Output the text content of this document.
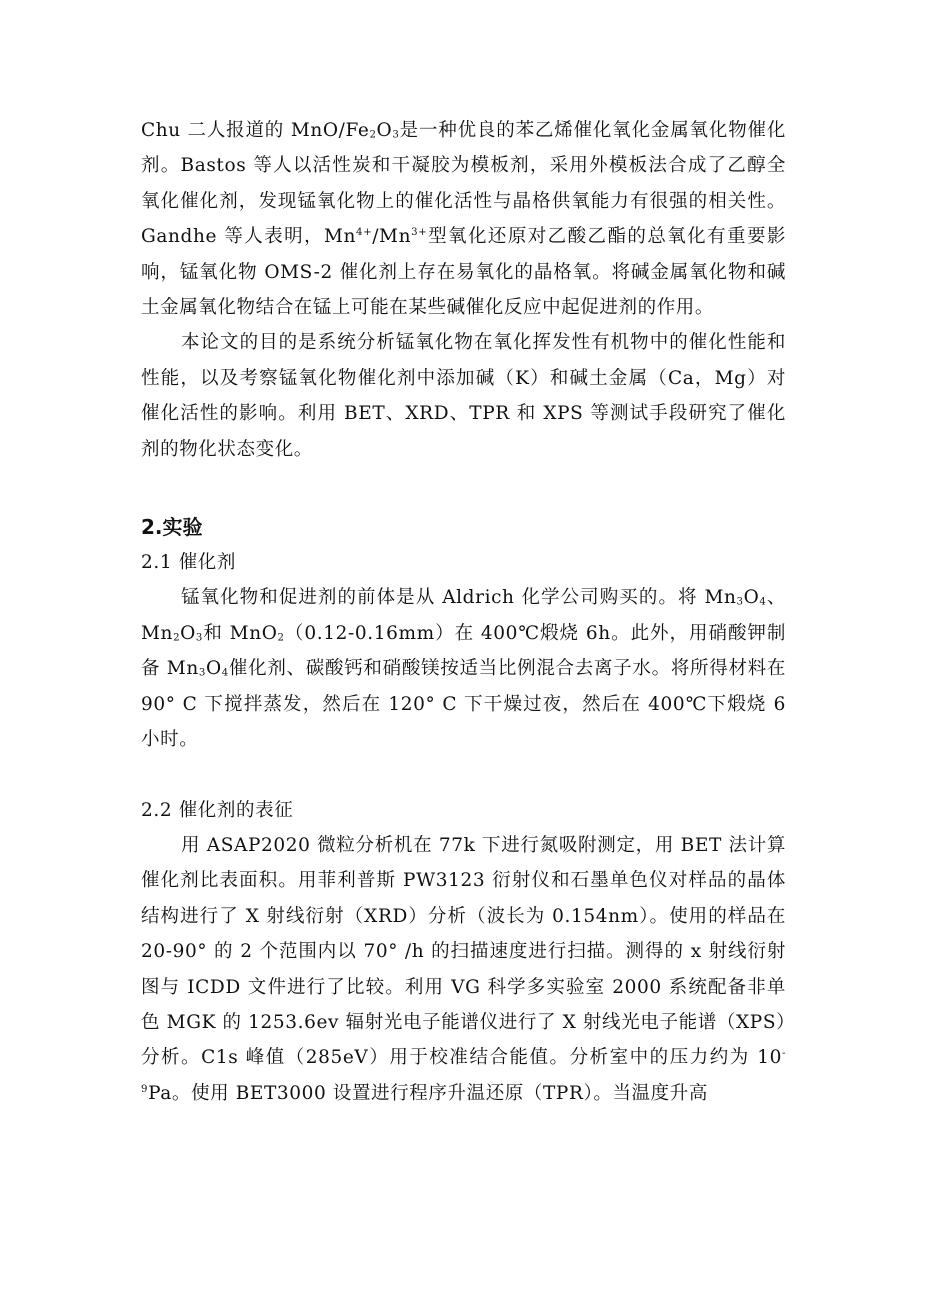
Chu 二人报道的 MnO/$Fe_2O_3$是一种优良的苯乙烯催化氧化金属氧化物催化剂。Bastos 等人以活性炭和干凝胶为模板剂，采用外模板法合成了乙醇全氧化催化剂，发现锰氧化物上的催化活性与晶格供氧能力有很强的相关性。Gandhe 等人表明，$Mn^{4+}/Mn^{3+}$型氧化还原对乙酸乙酯的总氧化有重要影响，锰氧化物 OMS-2 催化剂上存在易氧化的晶格氧。将碱金属氧化物和碱土金属氧化物结合在锰上可能在某些碱催化反应中起促进剂的作用。

本论文的目的是系统分析锰氧化物在氧化挥发性有机物中的催化性能和性能，以及考察锰氧化物催化剂中添加碱（K）和碱土金属（Ca，Mg）对催化活性的影响。利用 BET、XRD、TPR 和 XPS 等测试手段研究了催化剂的物化状态变化。

2.实验

2.1 催化剂

锰氧化物和促进剂的前体是从 Aldrich 化学公司购买的。将 $Mn_3O_4$、$Mn_2O_3$和 MnO$_2$（0.12-0.16mm）在 400℃煅烧 6h。此外，用硝酸钾制备 $Mn_3O_4$催化剂、碳酸钙和硝酸镁按适当比例混合去离子水。将所得材料在 90° C 下搅拌蒸发，然后在 120° C 下干燥过夜，然后在 400℃下煅烧 6 小时。

2.2 催化剂的表征

用 ASAP2020 微粒分析机在 77k 下进行氮吸附测定，用 BET 法计算催化剂比表面积。用菲利普斯 PW3123 衍射仪和石墨单色仪对样品的晶体结构进行了 X 射线衍射（XRD）分析（波长为 0.154nm）。使用的样品在 20-90° 的 2 个范围内以 70° /h 的扫描速度进行扫描。测得的 x 射线衍射图与 ICDD 文件进行了比较。利用 VG 科学多实验室 2000 系统配备非单色 MGK 的 1253.6ev 辐射光电子能谱仪进行了 X 射线光电子能谱（XPS）分析。C1s 峰值（285eV）用于校准结合能值。分析室中的压力约为 $10^{-9}Pa$。使用 BET3000 设置进行程序升温还原（TPR）。当温度升高
